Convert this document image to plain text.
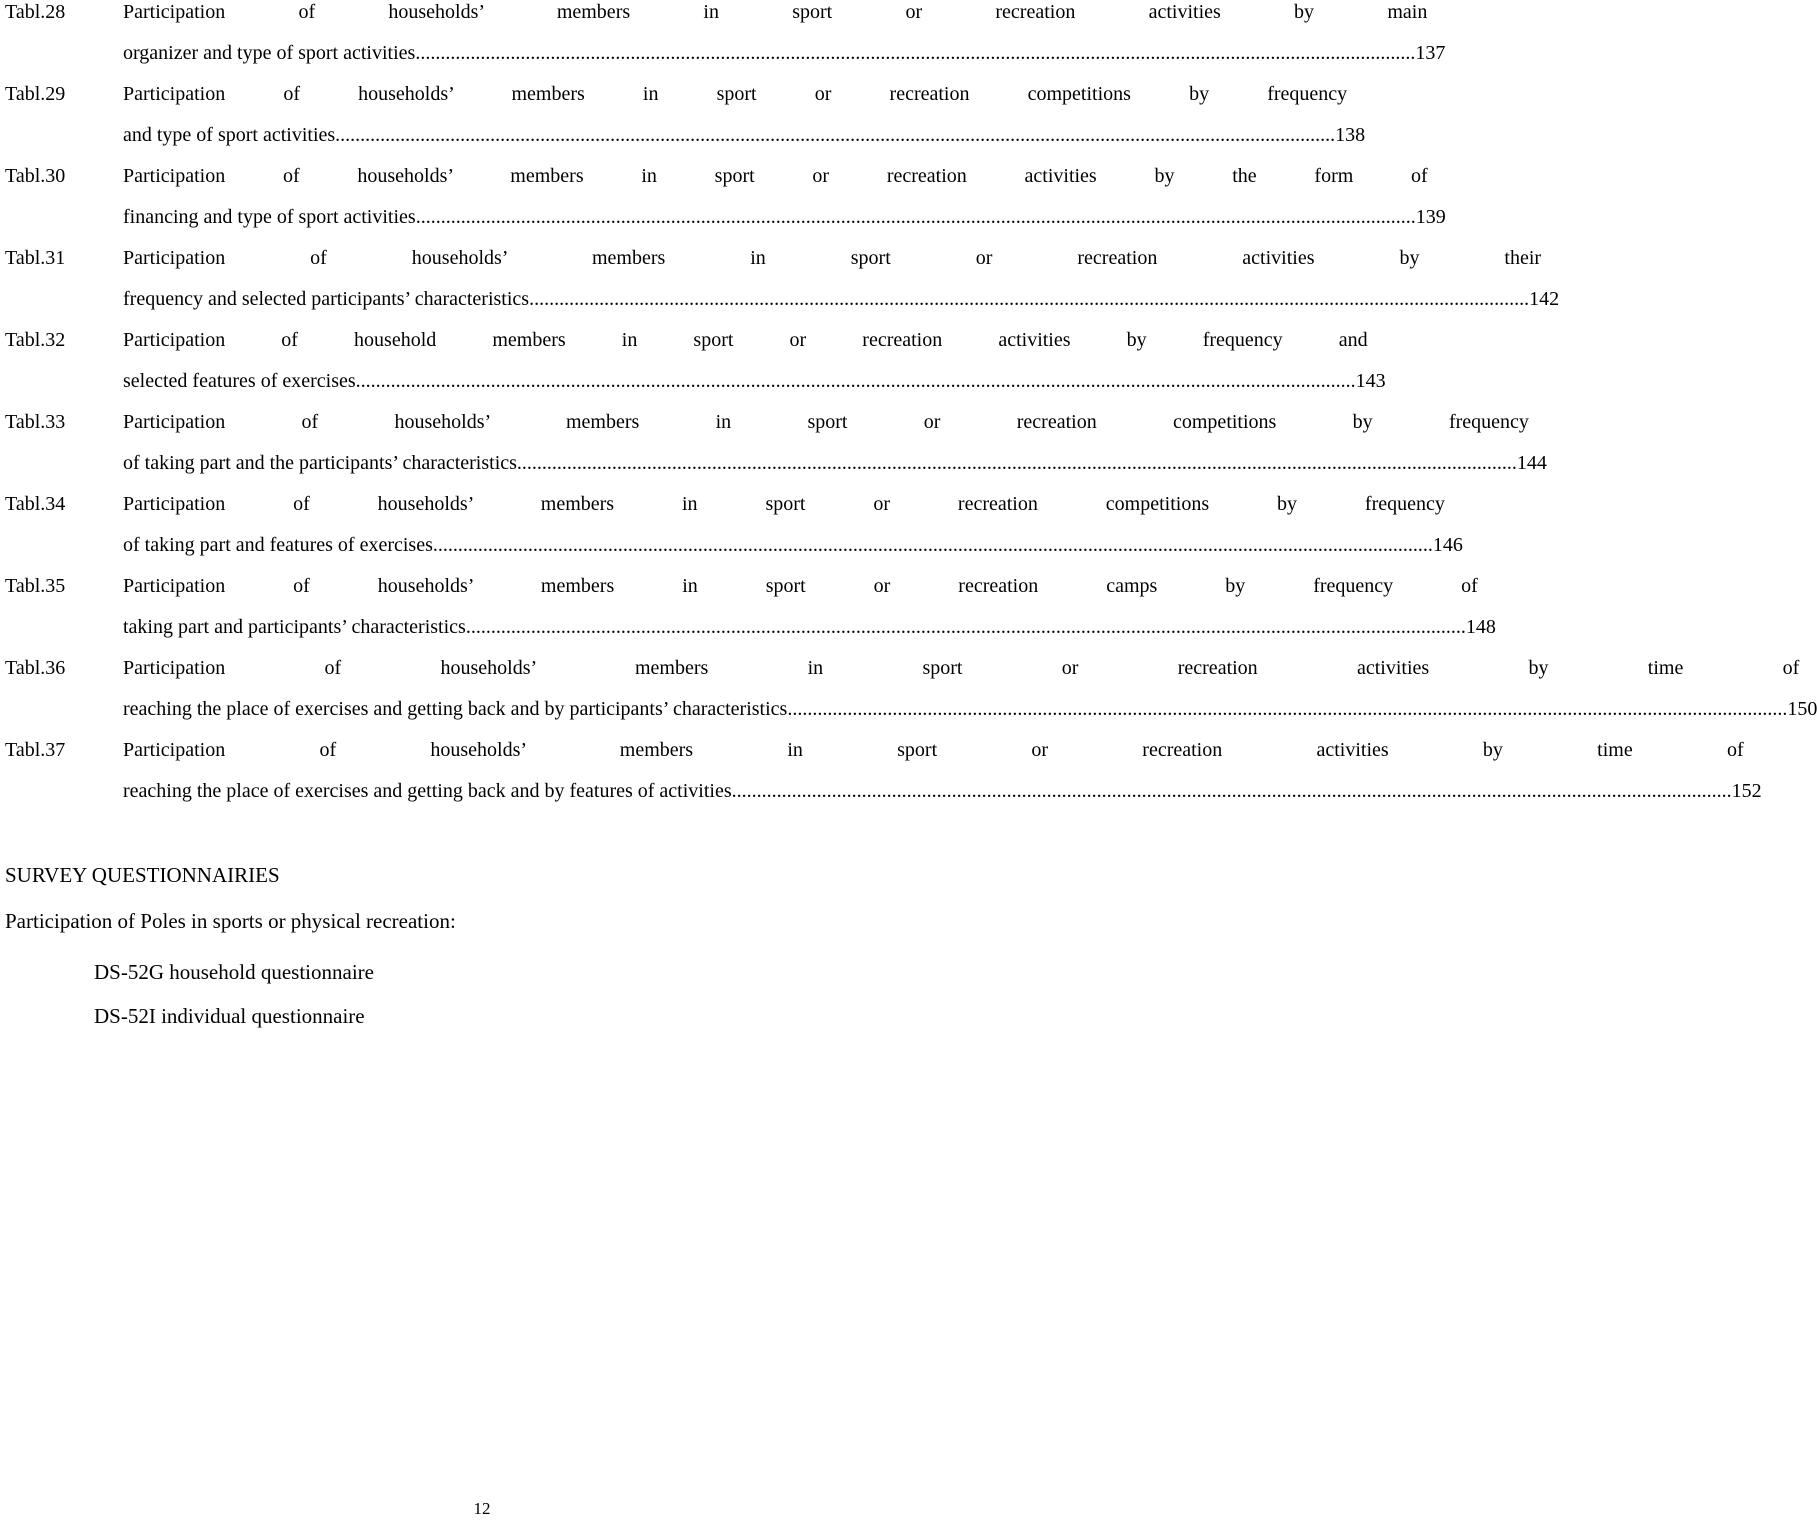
Tabl.28	Participation of households’ members in sport or recreation activities by main
organizer and type of sport activities ........................................................................................................................................................................................................ 137
Tabl.29	Participation of households’ members in sport or recreation competitions by frequency
and type of sport activities ........................................................................................................................................................................................................ 138
Tabl.30	Participation of households’ members in sport or recreation activities by the form of
financing and type of sport activities ........................................................................................................................................................................................................ 139
Tabl.31	Participation of households’ members in sport or recreation activities by their
frequency and selected participants’ characteristics ........................................................................................................................................................................................................ 142
Tabl.32	Participation of household members in sport or recreation activities by frequency and
selected features of exercises ........................................................................................................................................................................................................ 143
Tabl.33	Participation of households’ members in sport or recreation competitions by frequency
of taking part and the participants’ characteristics ........................................................................................................................................................................................................ 144
Tabl.34	Participation of households’ members in sport or recreation competitions by frequency
of taking part and features of exercises ........................................................................................................................................................................................................ 146
Tabl.35	Participation of households’ members in sport or recreation camps by frequency of
taking part and participants’ characteristics ........................................................................................................................................................................................................ 148
Tabl.36	Participation of households’ members in sport or recreation activities by time of
reaching the place of exercises and getting back and by participants’ characteristics ........................................................................................................................................................................................................ 150
Tabl.37	Participation of households’ members in sport or recreation activities by time of
reaching the place of exercises and getting back and by features of activities ........................................................................................................................................................................................................ 152
SURVEY QUESTIONNAIRIES
Participation of Poles in sports or physical recreation:
DS-52G household questionnaire
DS-52I individual questionnaire
12
